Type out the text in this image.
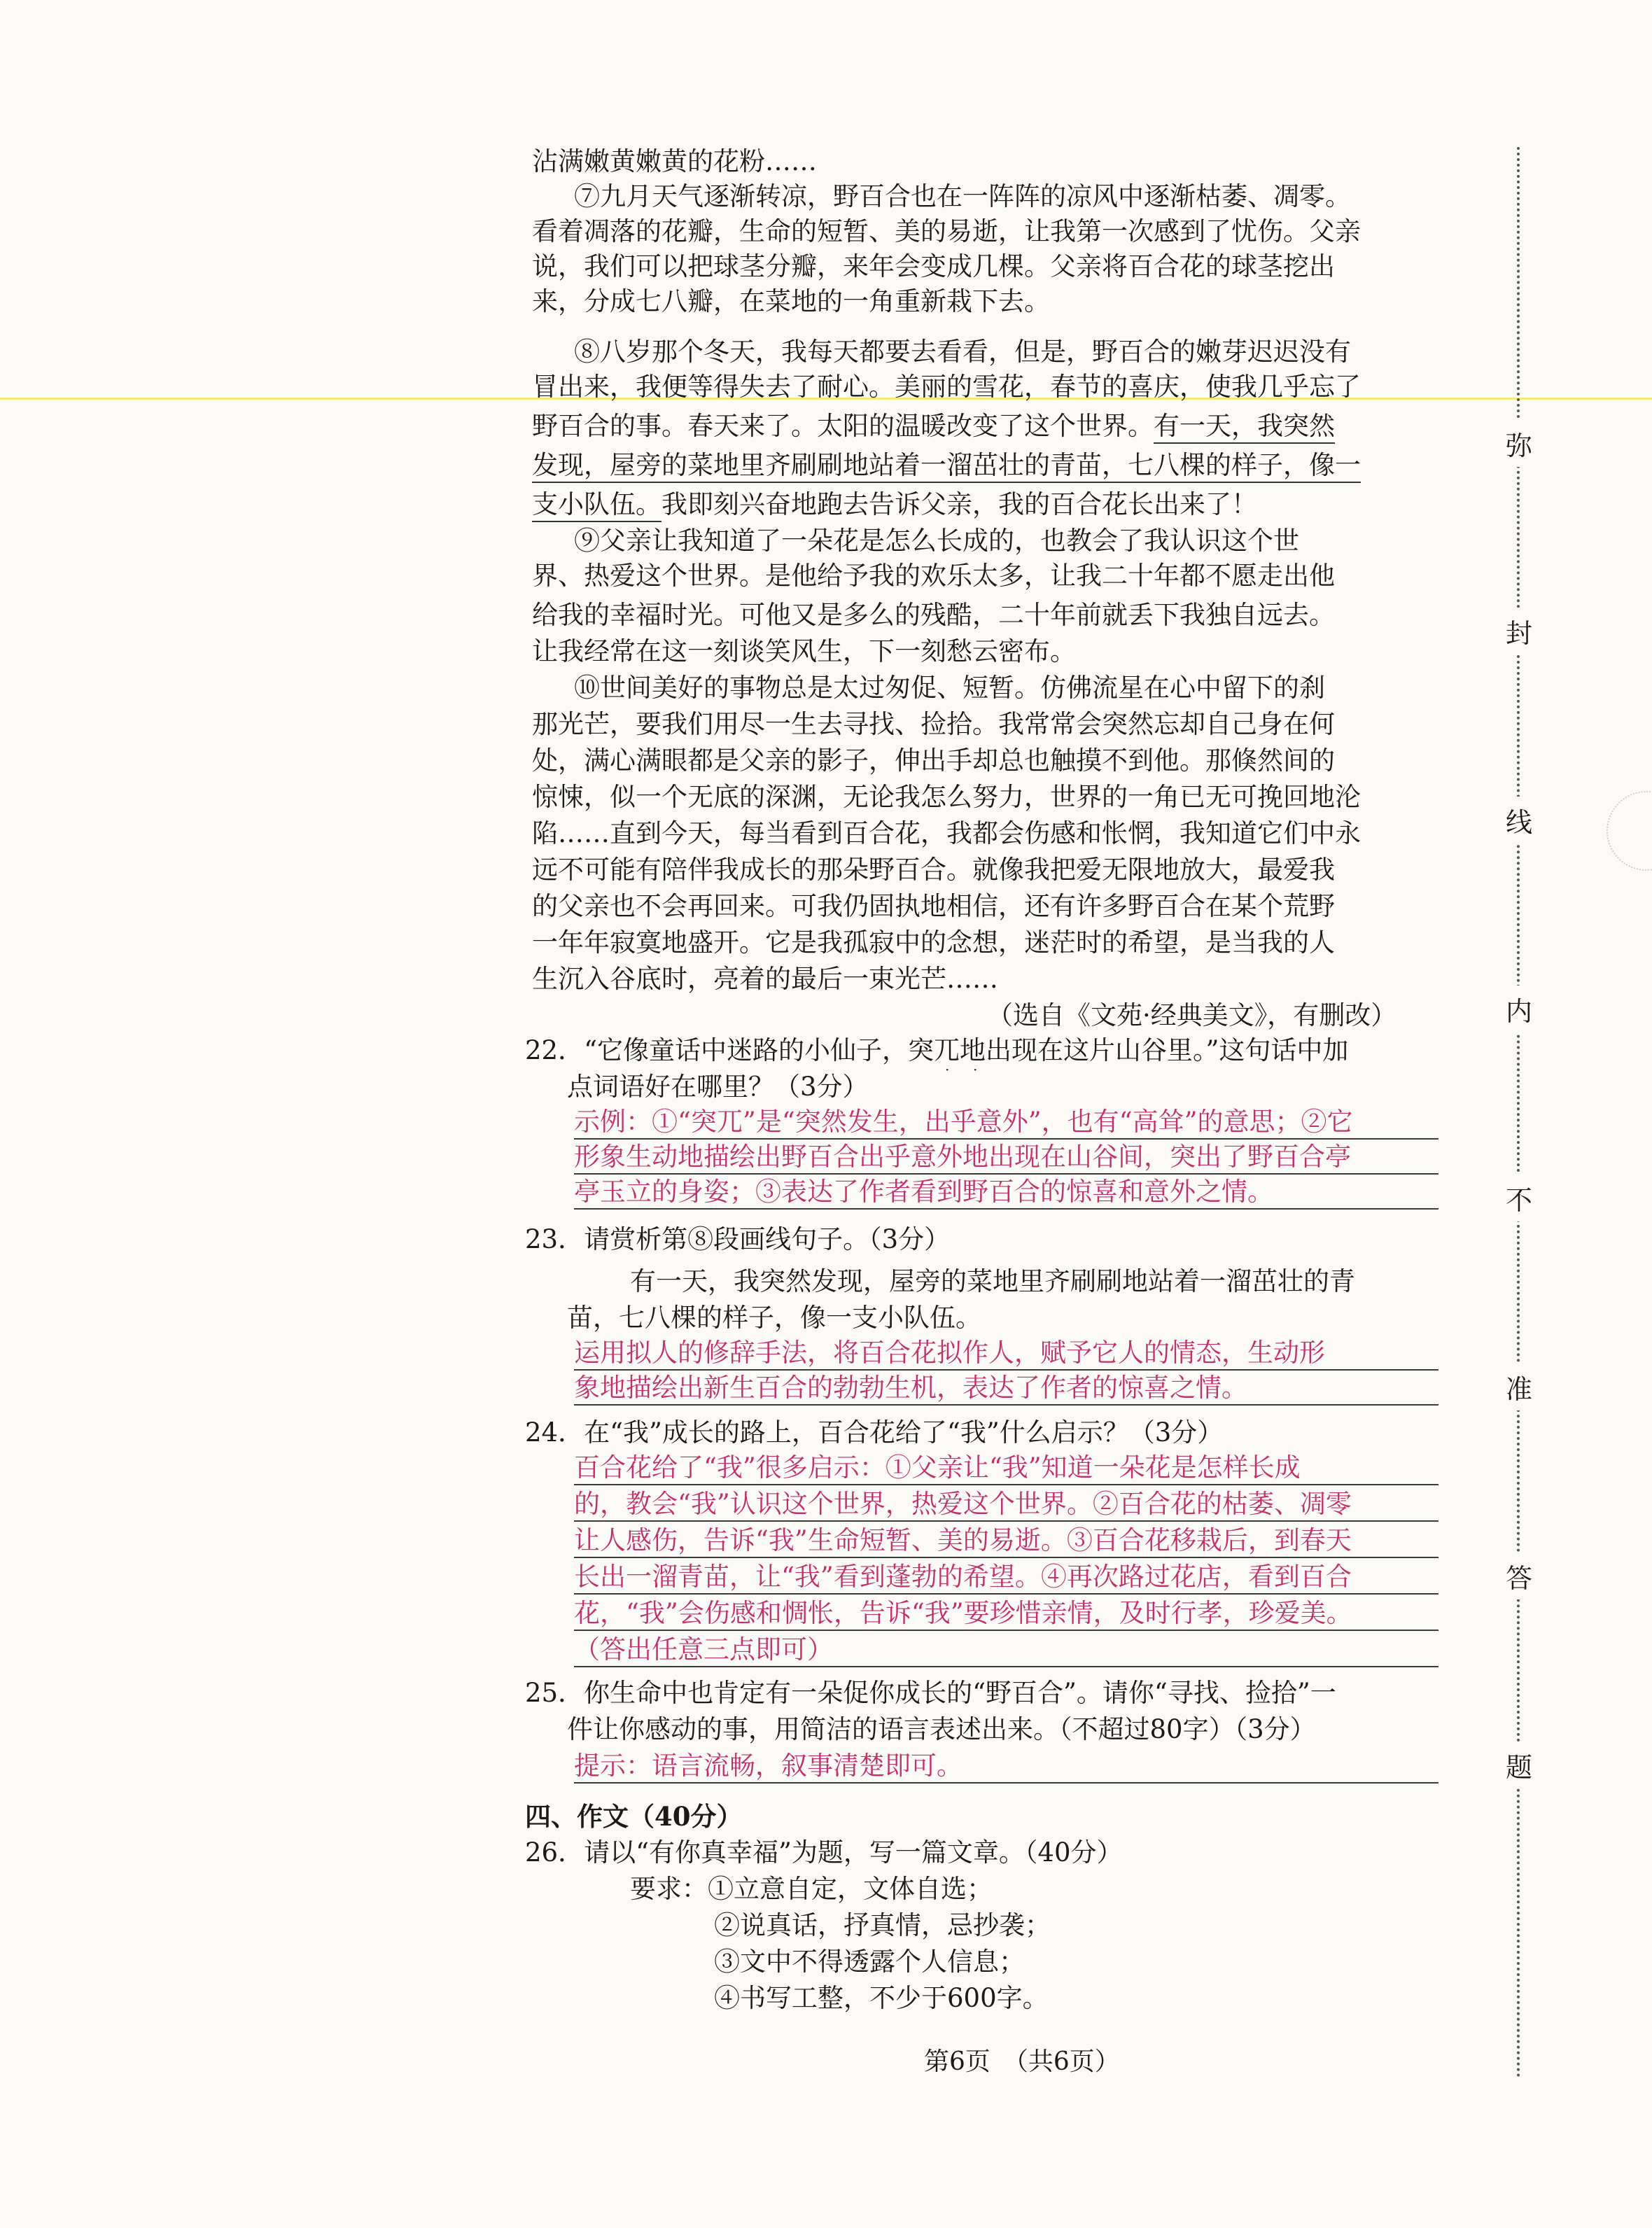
沾满嫩黄嫩黄的花粉……
⑦九月天气逐渐转凉，野百合也在一阵阵的凉风中逐渐枯萎、凋零。
看着凋落的花瓣，生命的短暂、美的易逝，让我第一次感到了忧伤。父亲
说，我们可以把球茎分瓣，来年会变成几棵。父亲将百合花的球茎挖出
来，分成七八瓣，在菜地的一角重新栽下去。
⑧八岁那个冬天，我每天都要去看看，但是，野百合的嫩芽迟迟没有
冒出来，我便等得失去了耐心。美丽的雪花，春节的喜庆，使我几乎忘了
野百合的事。春天来了。太阳的温暖改变了这个世界。有一天，我突然
发现，屋旁的菜地里齐刷刷地站着一溜茁壮的青苗，七八棵的样子，像一
支小队伍。我即刻兴奋地跑去告诉父亲，我的百合花长出来了！
⑨父亲让我知道了一朵花是怎么长成的，也教会了我认识这个世
界、热爱这个世界。是他给予我的欢乐太多，让我二十年都不愿走出他
给我的幸福时光。可他又是多么的残酷，二十年前就丢下我独自远去。
让我经常在这一刻谈笑风生，下一刻愁云密布。
⑩世间美好的事物总是太过匆促、短暂。仿佛流星在心中留下的刹
那光芒，要我们用尽一生去寻找、捡拾。我常常会突然忘却自己身在何
处，满心满眼都是父亲的影子，伸出手却总也触摸不到他。那倏然间的
惊悚，似一个无底的深渊，无论我怎么努力，世界的一角已无可挽回地沦
陷……直到今天，每当看到百合花，我都会伤感和怅惘，我知道它们中永
远不可能有陪伴我成长的那朵野百合。就像我把爱无限地放大，最爱我
的父亲也不会再回来。可我仍固执地相信，还有许多野百合在某个荒野
一年年寂寞地盛开。它是我孤寂中的念想，迷茫时的希望，是当我的人
生沉入谷底时，亮着的最后一束光芒……
（选自《文苑·经典美文》，有删改）
22．“它像童话中迷路的小仙子，突兀地出现在这片山谷里。”这句话中加
· ·
点词语好在哪里？（3分）
示例：①“突兀”是“突然发生，出乎意外”，也有“高耸”的意思；②它
形象生动地描绘出野百合出乎意外地出现在山谷间，突出了野百合亭
亭玉立的身姿；③表达了作者看到野百合的惊喜和意外之情。
23．请赏析第⑧段画线句子。（3分）
有一天，我突然发现，屋旁的菜地里齐刷刷地站着一溜茁壮的青
苗，七八棵的样子，像一支小队伍。
运用拟人的修辞手法，将百合花拟作人，赋予它人的情态，生动形
象地描绘出新生百合的勃勃生机，表达了作者的惊喜之情。
24．在“我”成长的路上，百合花给了“我”什么启示？（3分）
百合花给了“我”很多启示：①父亲让“我”知道一朵花是怎样长成
的，教会“我”认识这个世界，热爱这个世界。②百合花的枯萎、凋零
让人感伤，告诉“我”生命短暂、美的易逝。③百合花移栽后，到春天
长出一溜青苗，让“我”看到蓬勃的希望。④再次路过花店，看到百合
花，“我”会伤感和惆怅，告诉“我”要珍惜亲情，及时行孝，珍爱美。
（答出任意三点即可）
25．你生命中也肯定有一朵促你成长的“野百合”。请你“寻找、捡拾”一
件让你感动的事，用简洁的语言表述出来。（不超过80字）（3分）
提示：语言流畅，叙事清楚即可。
四、作文（40分）
26．请以“有你真幸福”为题，写一篇文章。（40分）
要求：①立意自定，文体自选；
②说真话，抒真情，忌抄袭；
③文中不得透露个人信息；
④书写工整，不少于600字。
第6页　（共6页）
弥
封
线
内
不
准
答
题
